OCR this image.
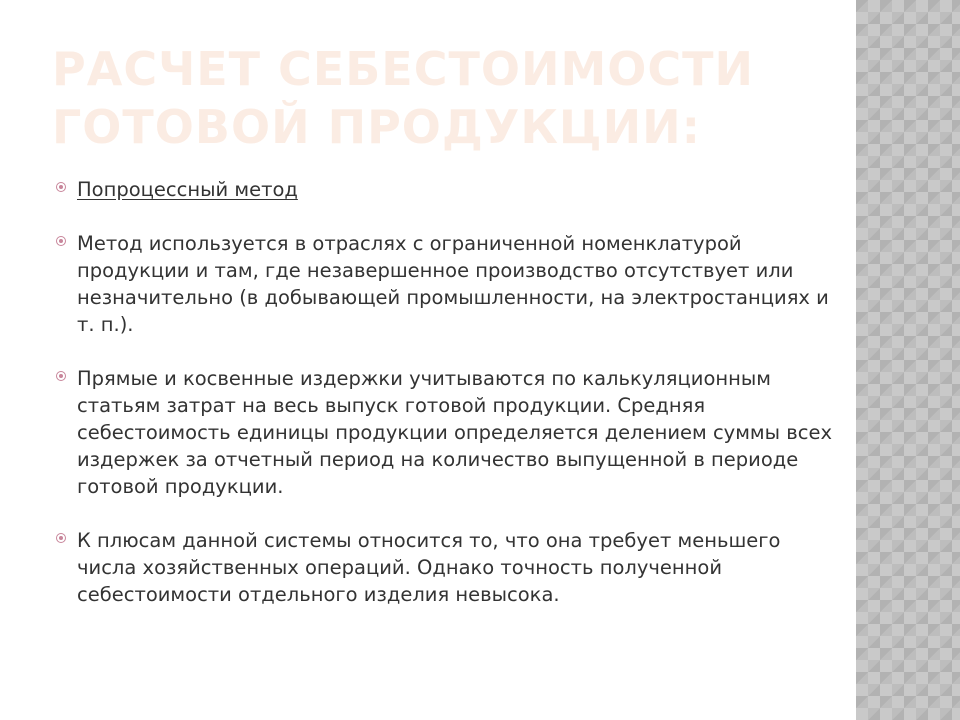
РАСЧЕТ СЕБЕСТОИМОСТИ ГОТОВОЙ ПРОДУКЦИИ:
Попроцессный метод
Метод используется в отраслях с ограниченной номенклатурой продукции и там, где незавершенное производство отсутствует или незначительно (в добывающей промышленности, на электростанциях и т. п.).
Прямые и косвенные издержки учитываются по калькуляционным статьям затрат на весь выпуск готовой продукции. Средняя себестоимость единицы продукции определяется делением суммы всех издержек за отчетный период на количество выпущенной в периоде готовой продукции.
К плюсам данной системы относится то, что она требует меньшего числа хозяйственных операций. Однако точность полученной себестоимости отдельного изделия невысока.
